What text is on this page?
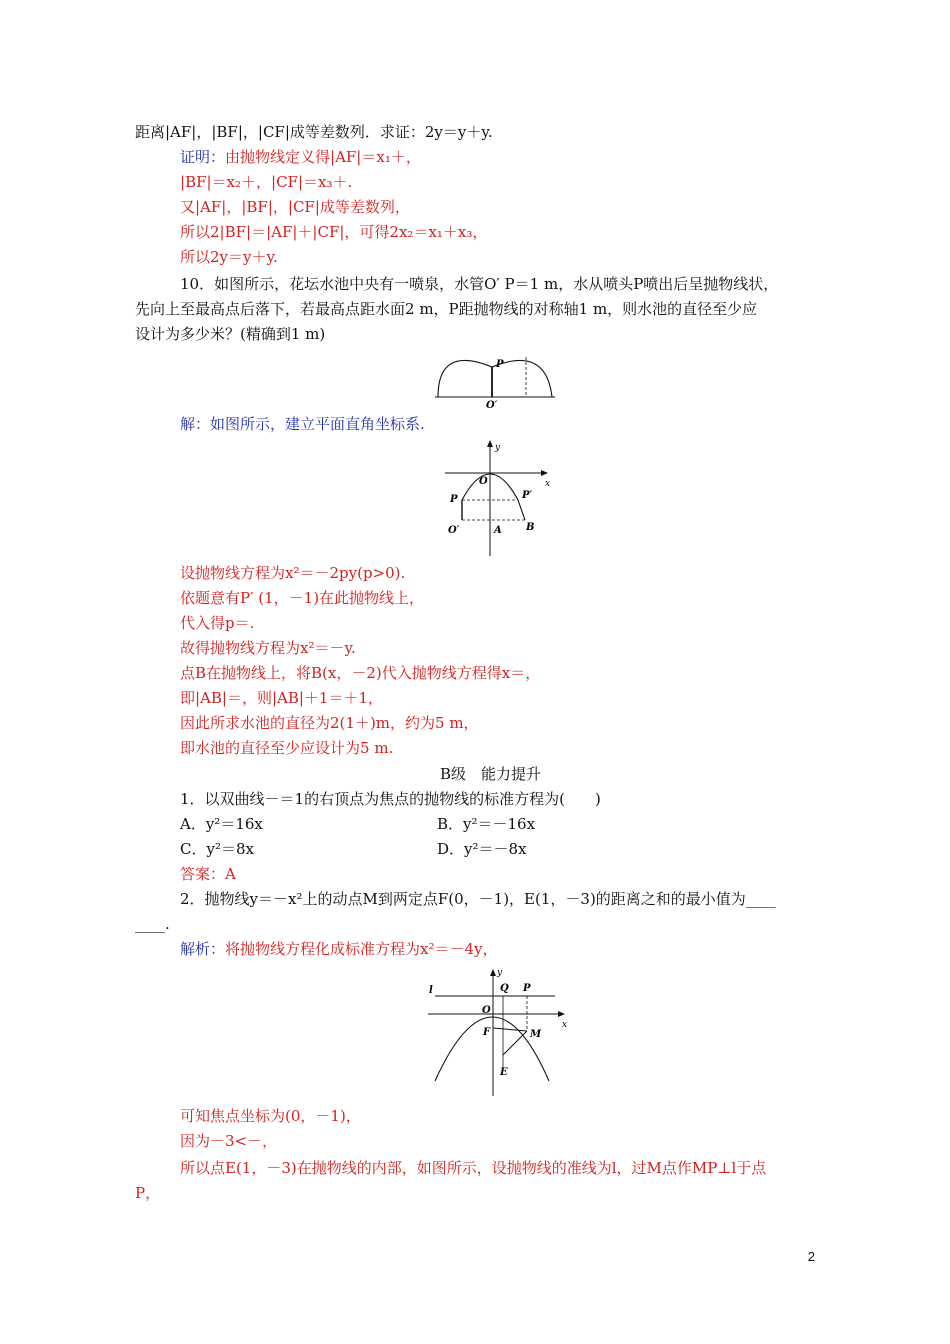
距离|AF|，|BF|，|CF|成等差数列．求证：2y＝y＋y.
证明：由抛物线定义得|AF|＝x₁＋，
|BF|＝x₂＋，|CF|＝x₃＋.
又|AF|，|BF|，|CF|成等差数列，
所以2|BF|＝|AF|＋|CF|，可得2x₂＝x₁＋x₃，
所以2y＝y＋y.
10．如图所示，花坛水池中央有一喷泉，水管O′ P＝1 m，水从喷头P喷出后呈抛物线状，
先向上至最高点后落下，若最高点距水面2 m，P距抛物线的对称轴1 m，则水池的直径至少应
设计为多少米？(精确到1 m)
P
O′
解：如图所示，建立平面直角坐标系.
y
x
O
P	P′
O′	A B
设抛物线方程为x²＝－2py(p>0).
依题意有P′ (1，－1)在此抛物线上，
代入得p＝.
故得抛物线方程为x²＝－y.
点B在抛物线上，将B(x，－2)代入抛物线方程得x＝，
即|AB|＝，则|AB|＋1＝＋1，
因此所求水池的直径为2(1＋)m，约为5 m，
即水池的直径至少应设计为5 m.
B级　能力提升
1．以双曲线－＝1的右顶点为焦点的抛物线的标准方程为(　　)
A．y²＝16x	B．y²＝－16x
C．y²＝8x	D．y²＝－8x
答案：A
2．抛物线y＝－x²上的动点M到两定点F(0，－1)，E(1，－3)的距离之和的最小值为____
____.
解析：将抛物线方程化成标准方程为x²＝－4y，
y
x
l
O
Q P
F	M
E
可知焦点坐标为(0，－1)，
因为－3<－，
所以点E(1，－3)在抛物线的内部，如图所示，设抛物线的准线为l，过M点作MP⊥l于点
P，
2
